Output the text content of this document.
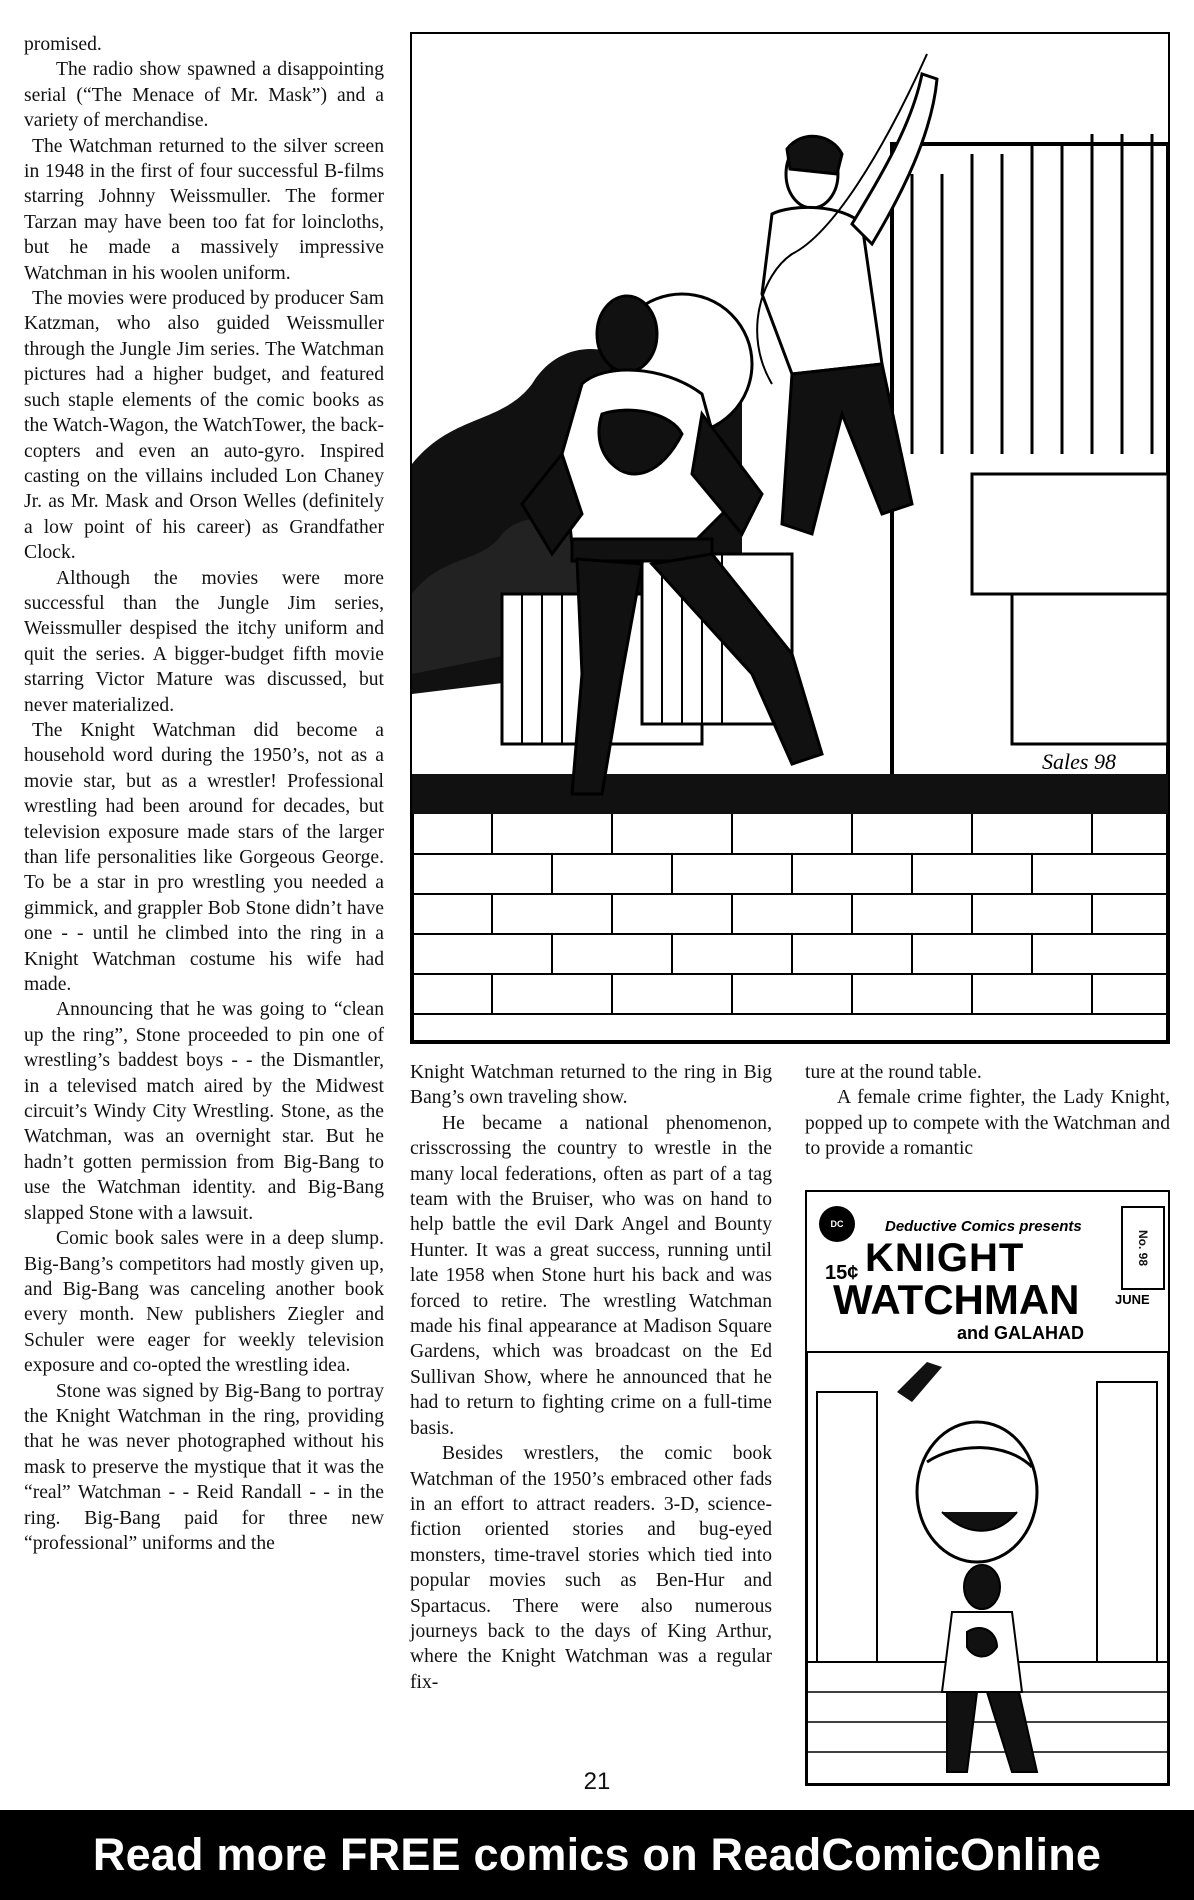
promised.

The radio show spawned a disappointing serial (“The Menace of Mr. Mask”) and a variety of merchandise.

The Watchman returned to the silver screen in 1948 in the first of four successful B-films starring Johnny Weissmuller. The former Tarzan may have been too fat for loincloths, but he made a massively impressive Watchman in his woolen uniform.

The movies were produced by producer Sam Katzman, who also guided Weissmuller through the Jungle Jim series. The Watchman pictures had a higher budget, and featured such staple elements of the comic books as the Watch-Wagon, the WatchTower, the back-copters and even an auto-gyro. Inspired casting on the villains included Lon Chaney Jr. as Mr. Mask and Orson Welles (definitely a low point of his career) as Grandfather Clock.

Although the movies were more successful than the Jungle Jim series, Weissmuller despised the itchy uniform and quit the series. A bigger-budget fifth movie starring Victor Mature was discussed, but never materialized.

The Knight Watchman did become a household word during the 1950’s, not as a movie star, but as a wrestler! Professional wrestling had been around for decades, but television exposure made stars of the larger than life personalities like Gorgeous George. To be a star in pro wrestling you needed a gimmick, and grappler Bob Stone didn’t have one - - until he climbed into the ring in a Knight Watchman costume his wife had made.

Announcing that he was going to “clean up the ring”, Stone proceeded to pin one of wrestling’s baddest boys - - the Dismantler, in a televised match aired by the Midwest circuit’s Windy City Wrestling. Stone, as the Watchman, was an overnight star. But he hadn’t gotten permission from Big-Bang to use the Watchman identity. and Big-Bang slapped Stone with a lawsuit.

Comic book sales were in a deep slump. Big-Bang’s competitors had mostly given up, and Big-Bang was canceling another book every month. New publishers Ziegler and Schuler were eager for weekly television exposure and co-opted the wrestling idea.

Stone was signed by Big-Bang to portray the Knight Watchman in the ring, providing that he was never photographed without his mask to preserve the mystique that it was the “real” Watchman - - Reid Randall - - in the ring. Big-Bang paid for three new “professional” uniforms and the

Sales 98

Knight Watchman returned to the ring in Big Bang’s own traveling show.

He became a national phenomenon, crisscrossing the country to wrestle in the many local federations, often as part of a tag team with the Bruiser, who was on hand to help battle the evil Dark Angel and Bounty Hunter. It was a great success, running until late 1958 when Stone hurt his back and was forced to retire. The wrestling Watchman made his final appearance at Madison Square Gardens, which was broadcast on the Ed Sullivan Show, where he announced that he had to return to fighting crime on a full-time basis.

Besides wrestlers, the comic book Watchman of the 1950’s embraced other fads in an effort to attract readers. 3-D, science-fiction oriented stories and bug-eyed monsters, time-travel stories which tied into popular movies such as Ben-Hur and Spartacus. There were also numerous journeys back to the days of King Arthur, where the Knight Watchman was a regular fix-

ture at the round table.

A female crime fighter, the Lady Knight, popped up to compete with the Watchman and to provide a romantic

DC	Deductive Comics presents
KNIGHT
15¢
WATCHMAN
and GALAHAD
No. 98
JUNE
21
Read more FREE comics on ReadComicOnline
